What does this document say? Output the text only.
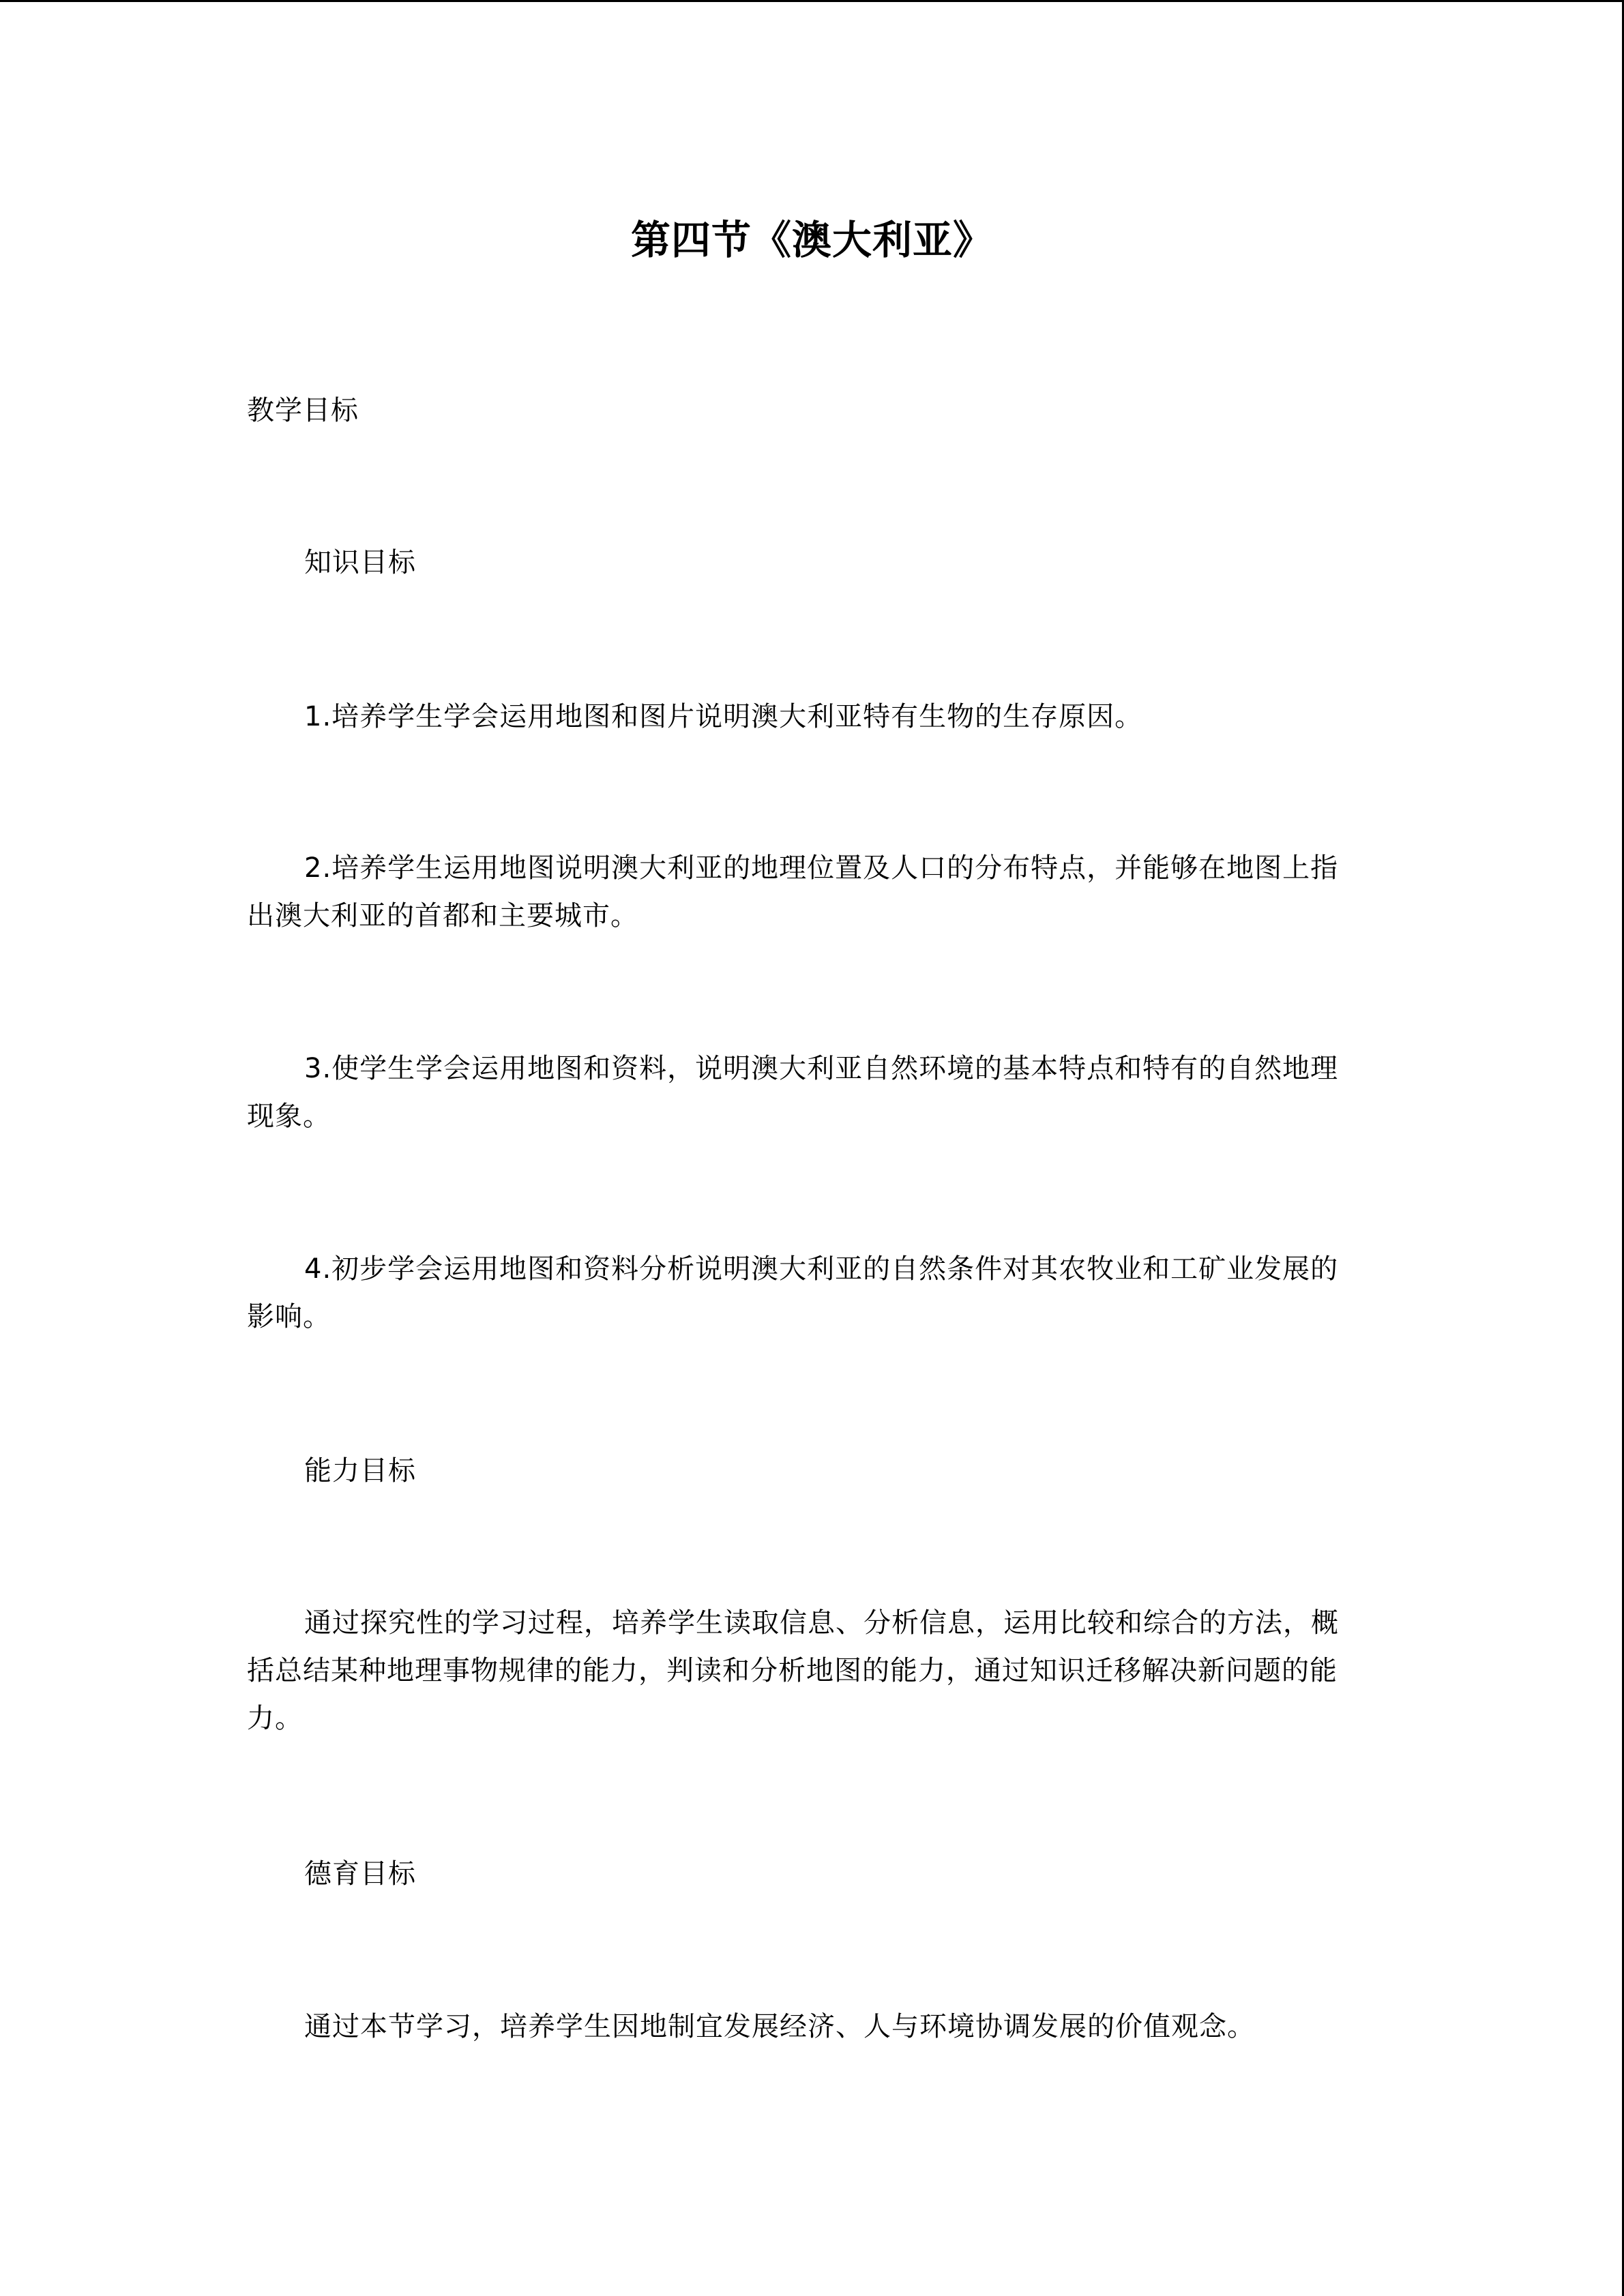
第四节《澳大利亚》
教学目标
知识目标
1.培养学生学会运用地图和图片说明澳大利亚特有生物的生存原因。
2.培养学生运用地图说明澳大利亚的地理位置及人口的分布特点，并能够在地图上指出澳大利亚的首都和主要城市。
3.使学生学会运用地图和资料，说明澳大利亚自然环境的基本特点和特有的自然地理现象。
4.初步学会运用地图和资料分析说明澳大利亚的自然条件对其农牧业和工矿业发展的影响。
能力目标
通过探究性的学习过程，培养学生读取信息、分析信息，运用比较和综合的方法，概括总结某种地理事物规律的能力，判读和分析地图的能力，通过知识迁移解决新问题的能力。
德育目标
通过本节学习，培养学生因地制宜发展经济、人与环境协调发展的价值观念。
